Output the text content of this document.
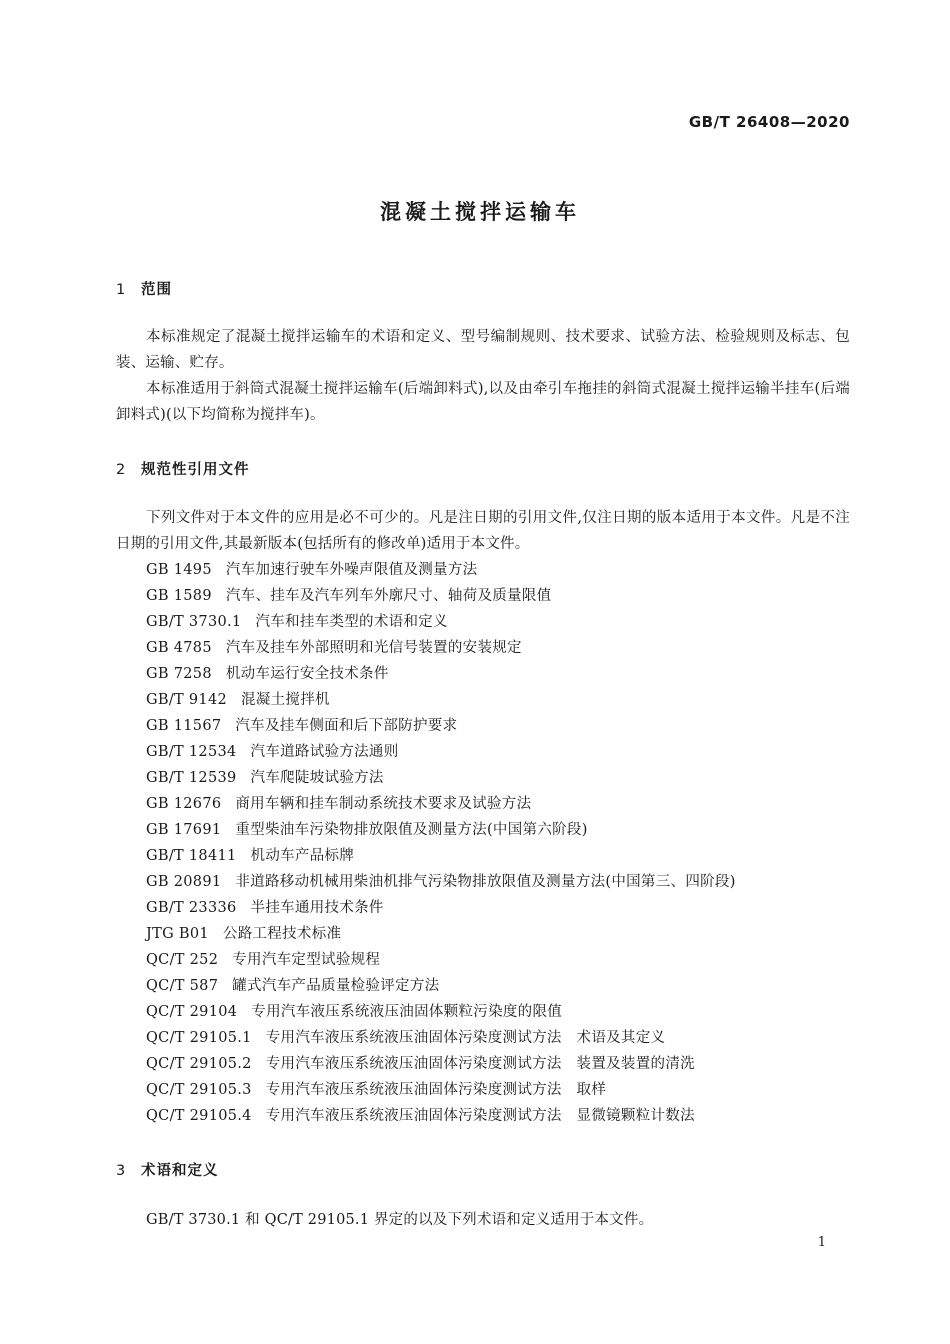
GB/T 26408—2020
混凝土搅拌运输车
1 范围
本标准规定了混凝土搅拌运输车的术语和定义、型号编制规则、技术要求、试验方法、检验规则及标志、包装、运输、贮存。
本标准适用于斜筒式混凝土搅拌运输车(后端卸料式),以及由牵引车拖挂的斜筒式混凝土搅拌运输半挂车(后端卸料式)(以下均简称为搅拌车)。
2 规范性引用文件
下列文件对于本文件的应用是必不可少的。凡是注日期的引用文件,仅注日期的版本适用于本文件。凡是不注日期的引用文件,其最新版本(包括所有的修改单)适用于本文件。
GB 1495 汽车加速行驶车外噪声限值及测量方法
GB 1589 汽车、挂车及汽车列车外廓尺寸、轴荷及质量限值
GB/T 3730.1 汽车和挂车类型的术语和定义
GB 4785 汽车及挂车外部照明和光信号装置的安装规定
GB 7258 机动车运行安全技术条件
GB/T 9142 混凝土搅拌机
GB 11567 汽车及挂车侧面和后下部防护要求
GB/T 12534 汽车道路试验方法通则
GB/T 12539 汽车爬陡坡试验方法
GB 12676 商用车辆和挂车制动系统技术要求及试验方法
GB 17691 重型柴油车污染物排放限值及测量方法(中国第六阶段)
GB/T 18411 机动车产品标牌
GB 20891 非道路移动机械用柴油机排气污染物排放限值及测量方法(中国第三、四阶段)
GB/T 23336 半挂车通用技术条件
JTG B01 公路工程技术标准
QC/T 252 专用汽车定型试验规程
QC/T 587 罐式汽车产品质量检验评定方法
QC/T 29104 专用汽车液压系统液压油固体颗粒污染度的限值
QC/T 29105.1 专用汽车液压系统液压油固体污染度测试方法　术语及其定义
QC/T 29105.2 专用汽车液压系统液压油固体污染度测试方法　装置及装置的清洗
QC/T 29105.3 专用汽车液压系统液压油固体污染度测试方法　取样
QC/T 29105.4 专用汽车液压系统液压油固体污染度测试方法　显微镜颗粒计数法
3 术语和定义
GB/T 3730.1 和 QC/T 29105.1 界定的以及下列术语和定义适用于本文件。
1
